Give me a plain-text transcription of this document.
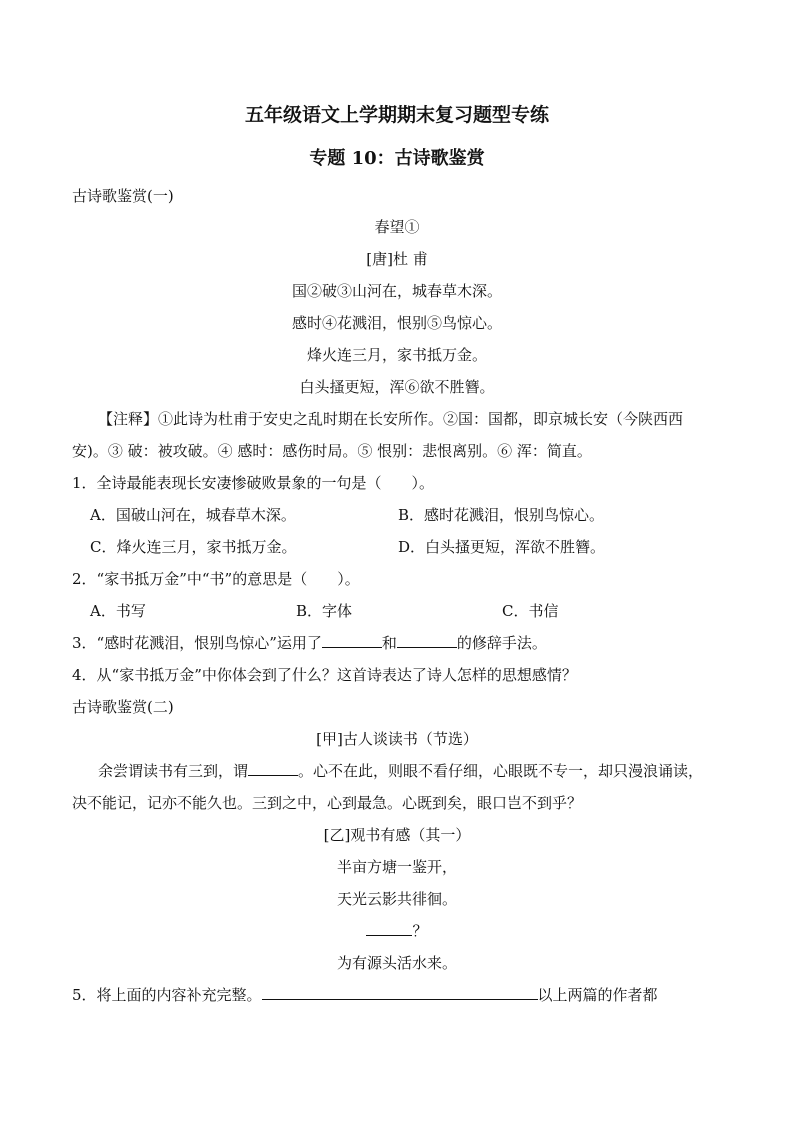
五年级语文上学期期末复习题型专练
专题 10：古诗歌鉴赏
古诗歌鉴赏(一)
春望①
[唐]杜 甫
国②破③山河在，城春草木深。
感时④花溅泪，恨别⑤鸟惊心。
烽火连三月，家书抵万金。
白头搔更短，浑⑥欲不胜簪。
【注释】①此诗为杜甫于安史之乱时期在长安所作。②国：国都，即京城长安（今陕西西
安)。③ 破：被攻破。④ 感时：感伤时局。⑤ 恨别：悲恨离别。⑥ 浑：简直。
1．全诗最能表现长安凄惨破败景象的一句是（　　）。
A．国破山河在，城春草木深。	B．感时花溅泪，恨别鸟惊心。
C．烽火连三月，家书抵万金。	D．白头搔更短，浑欲不胜簪。
2．“家书抵万金”中“书”的意思是（　　）。
A．书写	B．字体	C．书信
3．“感时花溅泪，恨别鸟惊心”运用了	和	的修辞手法。
4．从“家书抵万金”中你体会到了什么？这首诗表达了诗人怎样的思想感情？
古诗歌鉴赏(二)
[甲]古人谈读书（节选）
余尝谓读书有三到，谓	。心不在此，则眼不看仔细，心眼既不专一，却只漫浪诵读，
决不能记，记亦不能久也。三到之中，心到最急。心既到矣，眼口岂不到乎？
[乙]观书有感（其一）
半亩方塘一鉴开，
天光云影共徘徊。
？
为有源头活水来。
5．将上面的内容补充完整。	以上两篇的作者都
